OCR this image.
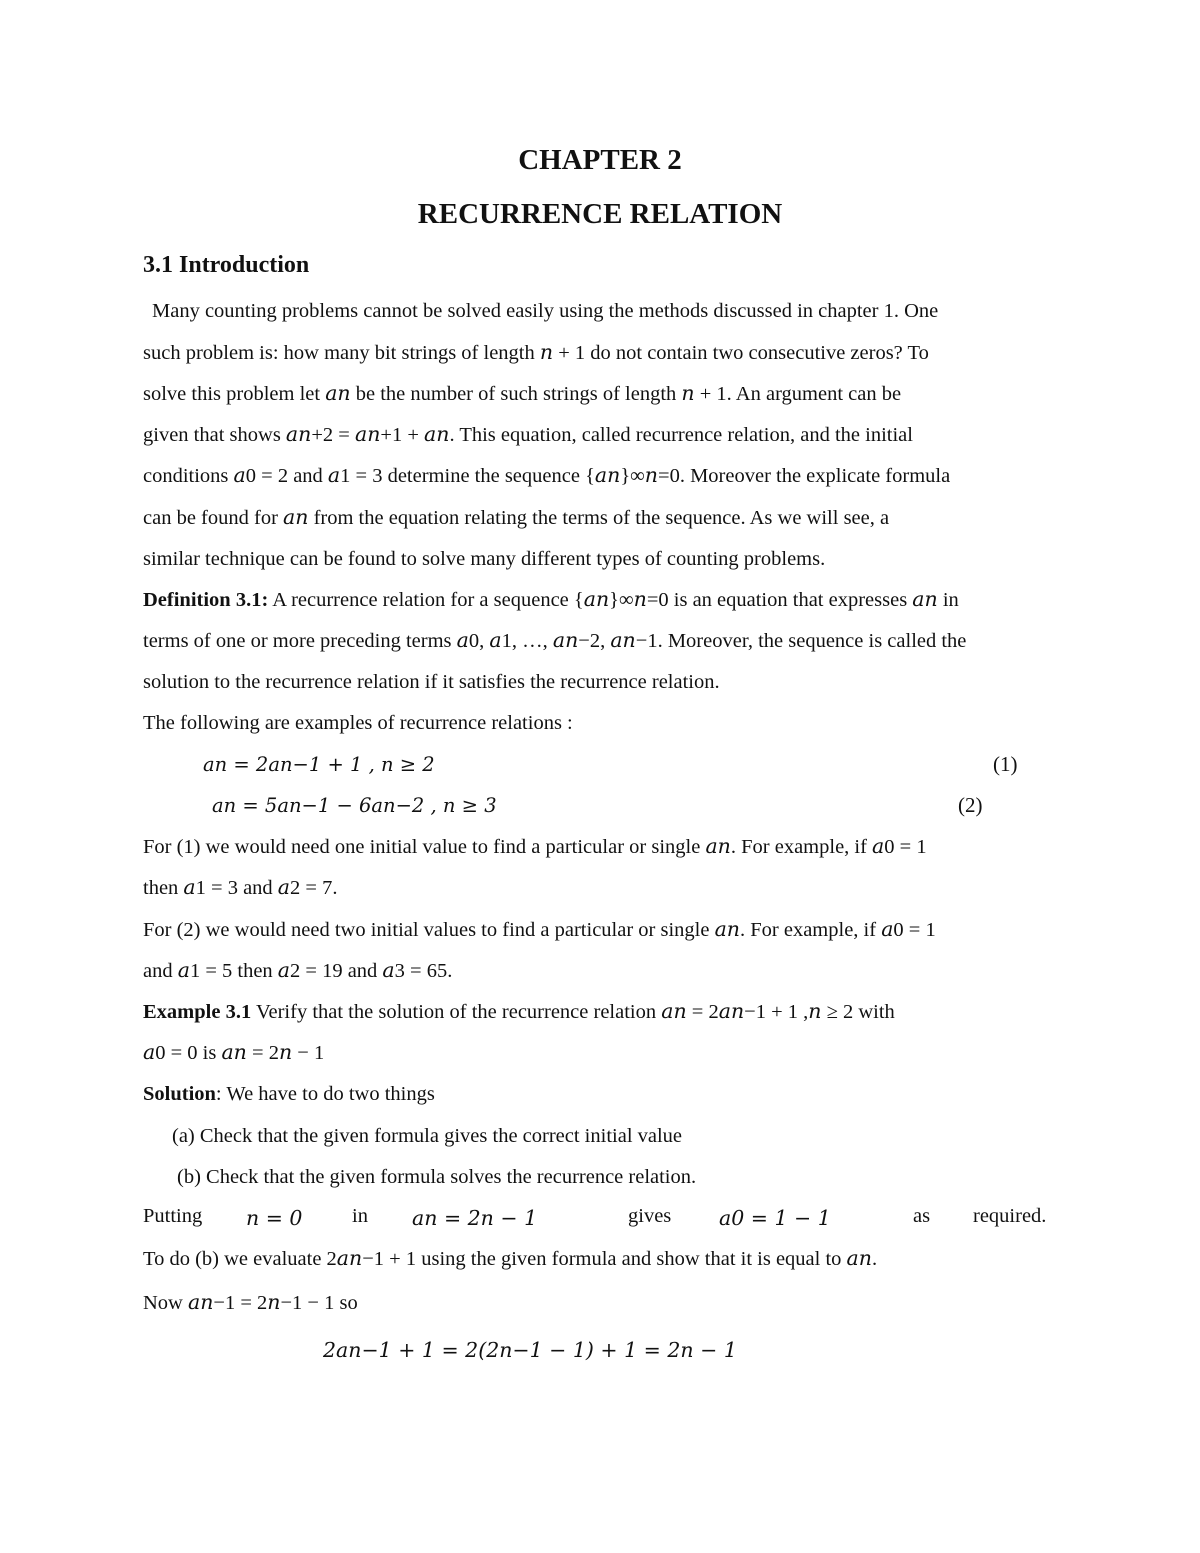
CHAPTER 2
RECURRENCE RELATION
3.1 Introduction
Many counting problems cannot be solved easily using the methods discussed in chapter 1. One
such problem is: how many bit strings of length 𝑛 + 1 do not contain two consecutive zeros? To
solve this problem let 𝑎𝑛 be the number of such strings of length 𝑛 + 1. An argument can be
given that shows 𝑎𝑛+2 = 𝑎𝑛+1 + 𝑎𝑛. This equation, called recurrence relation, and the initial
conditions 𝑎0 = 2 and 𝑎1 = 3 determine the sequence {𝑎𝑛}∞𝑛=0. Moreover the explicate formula
can be found for 𝑎𝑛 from the equation relating the terms of the sequence. As we will see, a
similar technique can be found to solve many different types of counting problems.
Definition 3.1: A recurrence relation for a sequence {𝑎𝑛}∞𝑛=0 is an equation that expresses 𝑎𝑛 in
terms of one or more preceding terms 𝑎0, 𝑎1, …, 𝑎𝑛−2, 𝑎𝑛−1. Moreover, the sequence is called the
solution to the recurrence relation if it satisfies the recurrence relation.
The following are examples of recurrence relations :
𝑎𝑛 = 2𝑎𝑛−1 + 1 , 𝑛 ≥ 2	(1)
𝑎𝑛 = 5𝑎𝑛−1 − 6𝑎𝑛−2 , 𝑛 ≥ 3	(2)
For (1) we would need one initial value to find a particular or single 𝑎𝑛. For example, if 𝑎0 = 1
then 𝑎1 = 3 and 𝑎2 = 7.
For (2) we would need two initial values to find a particular or single 𝑎𝑛. For example, if 𝑎0 = 1
and 𝑎1 = 5 then 𝑎2 = 19 and 𝑎3 = 65.
Example 3.1 Verify that the solution of the recurrence relation 𝑎𝑛 = 2𝑎𝑛−1 + 1 ,𝑛 ≥ 2 with
𝑎0 = 0 is 𝑎𝑛 = 2𝑛 − 1
Solution: We have to do two things
(a) Check that the given formula gives the correct initial value
(b) Check that the given formula solves the recurrence relation.
Putting 𝑛 = 0 in 𝑎𝑛 = 2𝑛 − 1	gives 𝑎0 = 1 − 1	as required.
To do (b) we evaluate 2𝑎𝑛−1 + 1 using the given formula and show that it is equal to 𝑎𝑛.
Now 𝑎𝑛−1 = 2𝑛−1 − 1 so
2𝑎𝑛−1 + 1 = 2(2𝑛−1 − 1) + 1 = 2𝑛 − 1
